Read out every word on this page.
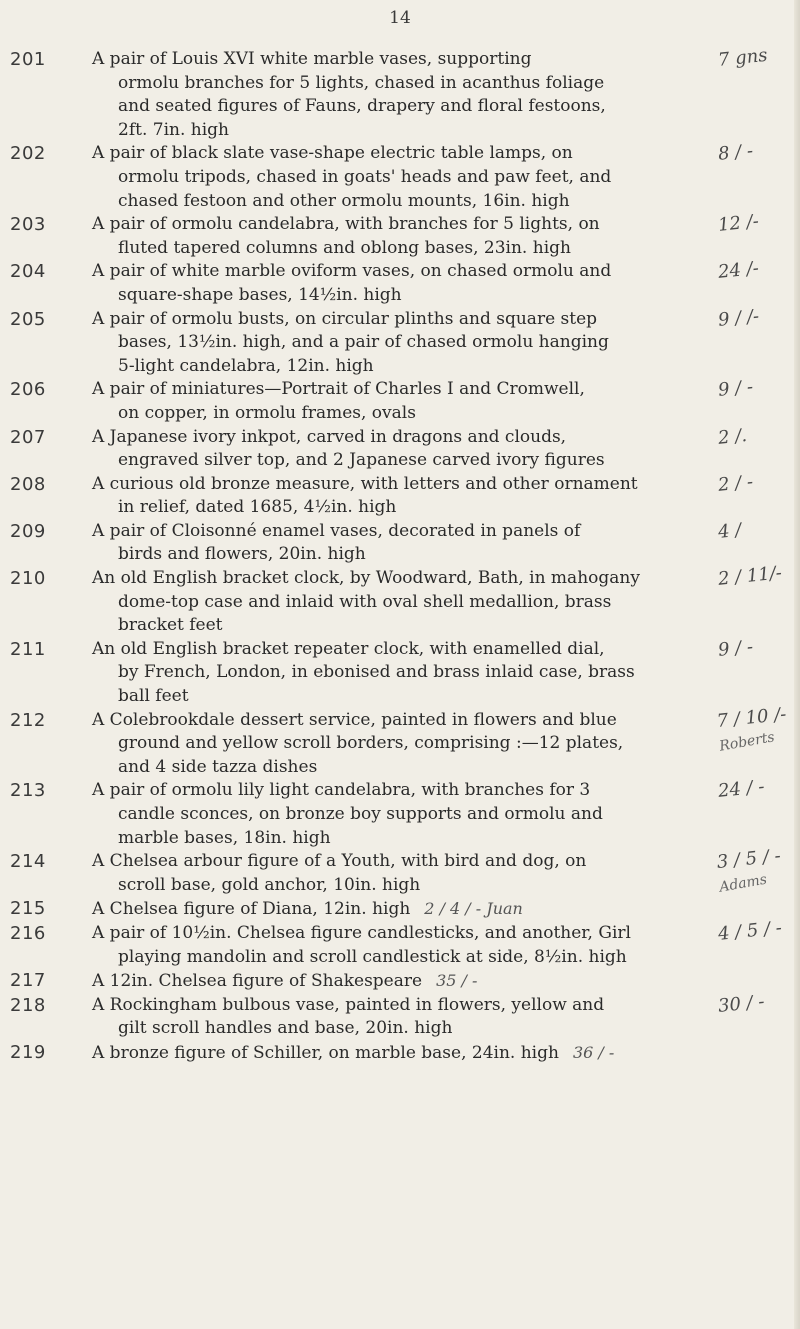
14
201	A pair of Louis XVI white marble vases, supporting
ormolu branches for 5 lights, chased in acanthus foliage
and seated figures of Fauns, drapery and floral festoons,
2ft. 7in. high
7 gns
202	A pair of black slate vase-shape electric table lamps, on
ormolu tripods, chased in goats' heads and paw feet, and
chased festoon and other ormolu mounts, 16in. high
8 / -
203	A pair of ormolu candelabra, with branches for 5 lights, on
fluted tapered columns and oblong bases, 23in. high
12 /-
204	A pair of white marble oviform vases, on chased ormolu and
square-shape bases, 14½in. high
24 /-
205	A pair of ormolu busts, on circular plinths and square step
bases, 13½in. high, and a pair of chased ormolu hanging
5-light candelabra, 12in. high
9 / /-
206	A pair of miniatures—Portrait of Charles I and Cromwell,
on copper, in ormolu frames, ovals
9 / -
207	A Japanese ivory inkpot, carved in dragons and clouds,
engraved silver top, and 2 Japanese carved ivory figures
2 /.
208	A curious old bronze measure, with letters and other ornament
in relief, dated 1685, 4½in. high
2 / -
209	A pair of Cloisonné enamel vases, decorated in panels of
birds and flowers, 20in. high
4 /
210	An old English bracket clock, by Woodward, Bath, in mahogany
dome-top case and inlaid with oval shell medallion, brass
bracket feet
2 / 11/-
211	An old English bracket repeater clock, with enamelled dial,
by French, London, in ebonised and brass inlaid case, brass
ball feet
9 / -
212	A Colebrookdale dessert service, painted in flowers and blue
ground and yellow scroll borders, comprising :—12 plates,
and 4 side tazza dishes
7 / 10 /-
Roberts
213	A pair of ormolu lily light candelabra, with branches for 3
candle sconces, on bronze boy supports and ormolu and
marble bases, 18in. high
24 / -
214	A Chelsea arbour figure of a Youth, with bird and dog, on
scroll base, gold anchor, 10in. high
3 / 5 / -
Adams
215	A Chelsea figure of Diana, 12in. high 2 / 4 / - Juan
216	A pair of 10½in. Chelsea figure candlesticks, and another, Girl
playing mandolin and scroll candlestick at side, 8½in. high
4 / 5 / -
217	A 12in. Chelsea figure of Shakespeare 35 / -
218	A Rockingham bulbous vase, painted in flowers, yellow and
gilt scroll handles and base, 20in. high
30 / -
219	A bronze figure of Schiller, on marble base, 24in. high 36 / -
